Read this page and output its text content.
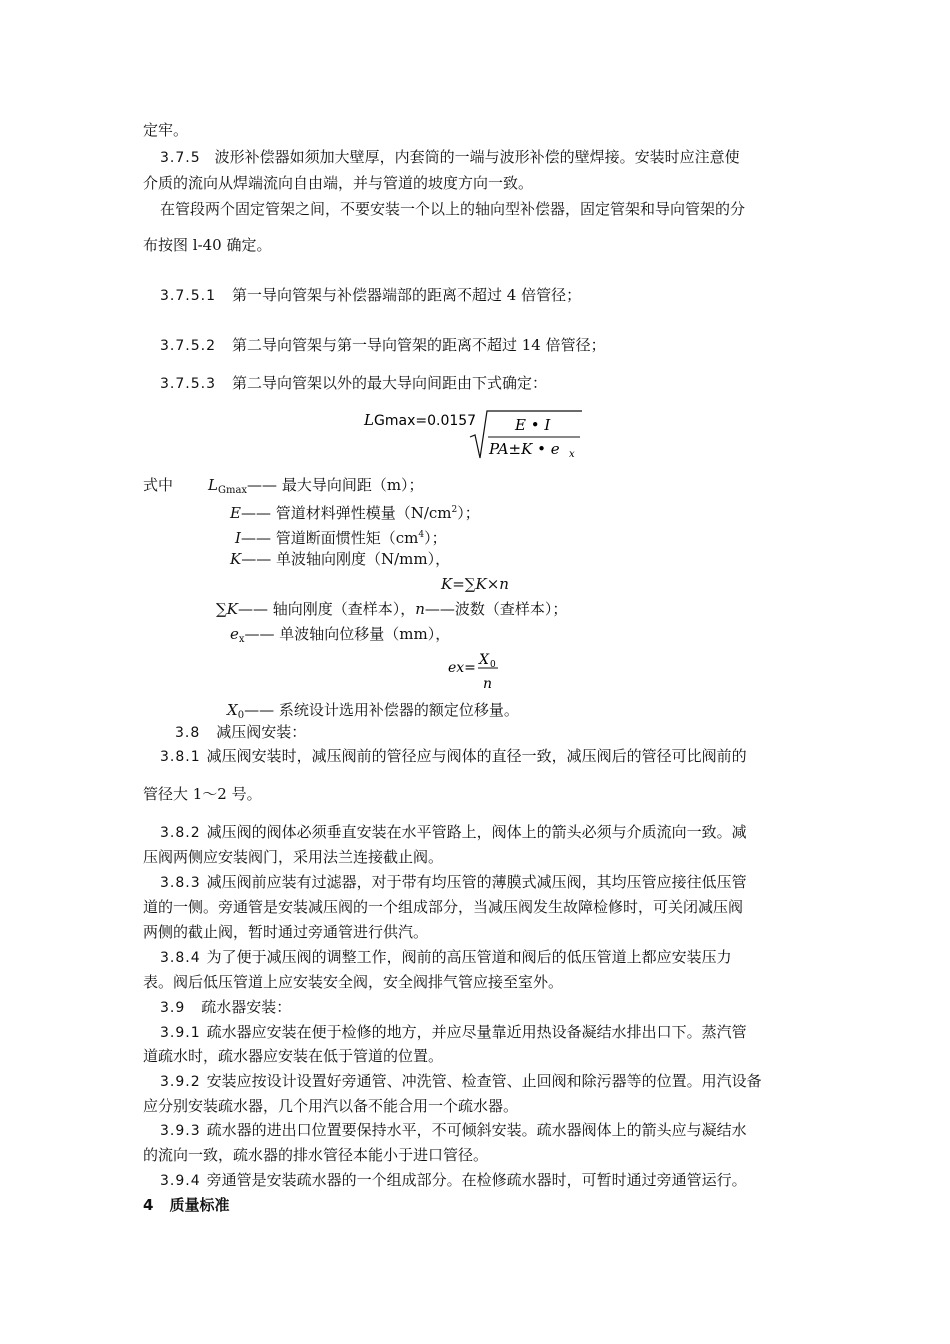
定牢。
3.7.5 波形补偿器如须加大壁厚，内套筒的一端与波形补偿的壁焊接。安装时应注意使
介质的流向从焊端流向自由端，并与管道的坡度方向一致。
在管段两个固定管架之间，不要安装一个以上的轴向型补偿器，固定管架和导向管架的分
布按图 l-40 确定。
3.7.5.1 第一导向管架与补偿器端部的距离不超过 4 倍管径；
3.7.5.2 第二导向管架与第一导向管架的距离不超过 14 倍管径；
3.7.5.3 第二导向管架以外的最大导向间距由下式确定：
L Gmax=0.0157	E • I
PA±K • e x
式中 $L_{Gmax}——$ 最大导向间距（m）；
E—— 管道材料弹性模量$(N/cm^2)$；
I—— 管道断面惯性矩$(cm^4)$；
K—— 单波轴向刚度（N/mm），
K=∑K×n
∑K—— 轴向刚度（查样本），n——波数（查样本）；
$e_x——$ 单波轴向位移量（mm），
ex= X 0
n
$X_0——$ 系统设计选用补偿器的额定位移量。
3.8 减压阀安装：
3.8.1 减压阀安装时，减压阀前的管径应与阀体的直径一致，减压阀后的管径可比阀前的
管径大 1～2 号。
3.8.2 减压阀的阀体必须垂直安装在水平管路上，阀体上的箭头必须与介质流向一致。减
压阀两侧应安装阀门，采用法兰连接截止阀。
3.8.3 减压阀前应装有过滤器，对于带有均压管的薄膜式减压阀，其均压管应接往低压管
道的一侧。旁通管是安装减压阀的一个组成部分，当减压阀发生故障检修时，可关闭减压阀
两侧的截止阀，暂时通过旁通管进行供汽。
3.8.4 为了便于减压阀的调整工作，阀前的高压管道和阀后的低压管道上都应安装压力
表。阀后低压管道上应安装安全阀，安全阀排气管应接至室外。
3.9 疏水器安装：
3.9.1 疏水器应安装在便于检修的地方，并应尽量靠近用热设备凝结水排出口下。蒸汽管
道疏水时，疏水器应安装在低于管道的位置。
3.9.2 安装应按设计设置好旁通管、冲洗管、检查管、止回阀和除污器等的位置。用汽设备
应分别安装疏水器，几个用汽以备不能合用一个疏水器。
3.9.3 疏水器的进出口位置要保持水平，不可倾斜安装。疏水器阀体上的箭头应与凝结水
的流向一致，疏水器的排水管径本能小于进口管径。
3.9.4 旁通管是安装疏水器的一个组成部分。在检修疏水器时，可暂时通过旁通管运行。
4 质量标准
